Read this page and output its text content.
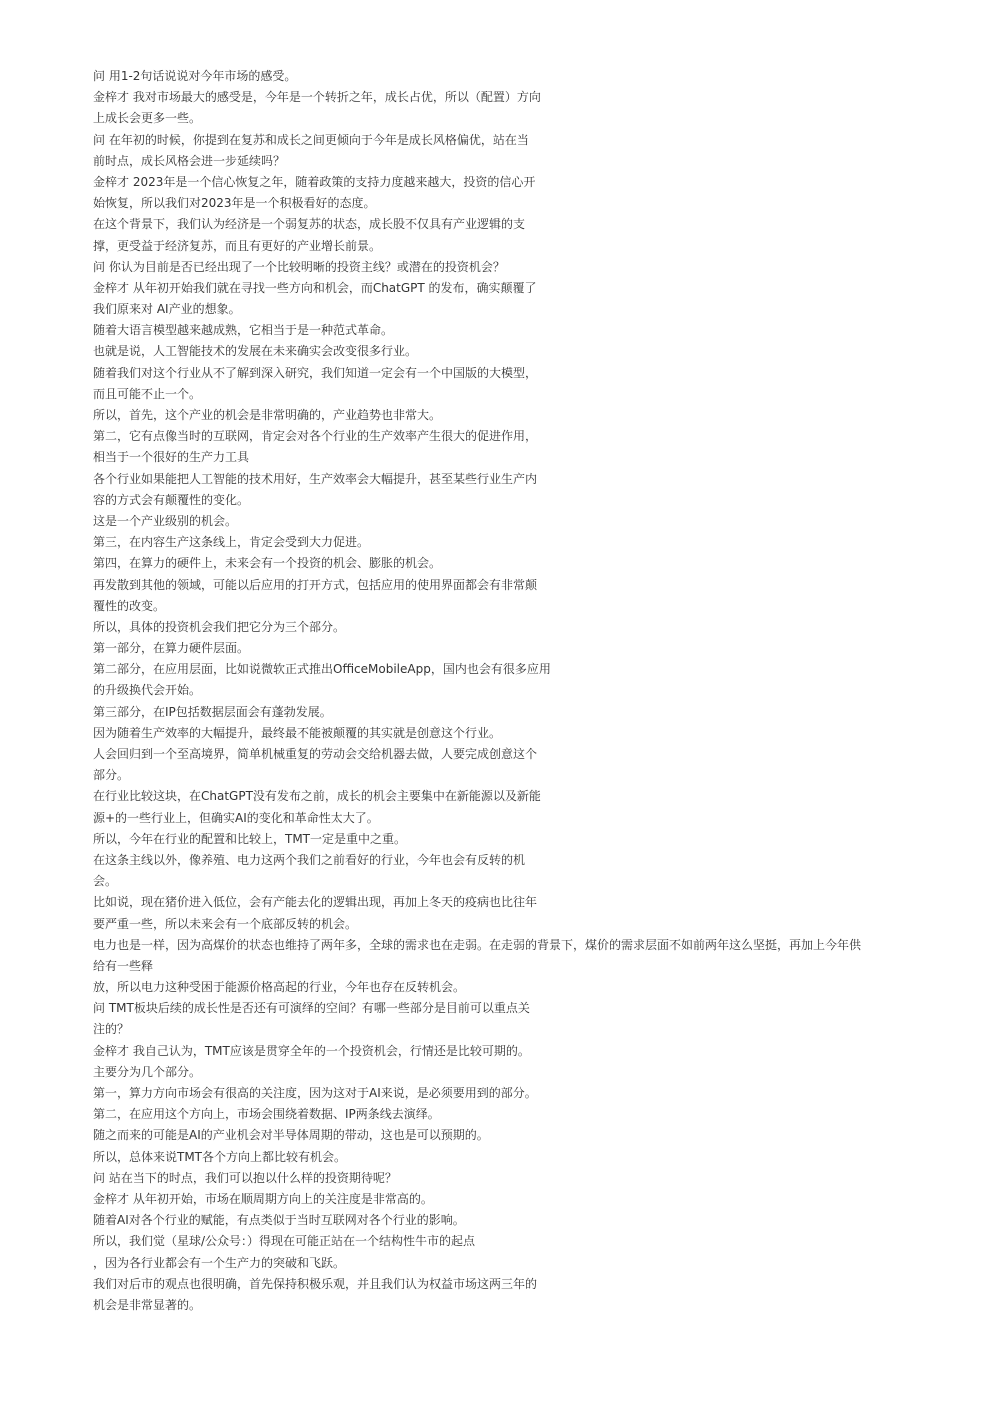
问 用1-2句话说说对今年市场的感受。
金梓才 我对市场最大的感受是，今年是一个转折之年，成长占优，所以（配置）方向
上成长会更多一些。
问 在年初的时候，你提到在复苏和成长之间更倾向于今年是成长风格偏优，站在当
前时点，成长风格会进一步延续吗？
金梓才 2023年是一个信心恢复之年，随着政策的支持力度越来越大，投资的信心开
始恢复，所以我们对2023年是一个积极看好的态度。
在这个背景下，我们认为经济是一个弱复苏的状态，成长股不仅具有产业逻辑的支
撑，更受益于经济复苏，而且有更好的产业增长前景。
问 你认为目前是否已经出现了一个比较明晰的投资主线？或潜在的投资机会？
金梓才 从年初开始我们就在寻找一些方向和机会，而ChatGPT 的发布，确实颠覆了
我们原来对 AI产业的想象。
随着大语言模型越来越成熟，它相当于是一种范式革命。
也就是说，人工智能技术的发展在未来确实会改变很多行业。
随着我们对这个行业从不了解到深入研究，我们知道一定会有一个中国版的大模型，
而且可能不止一个。
所以，首先，这个产业的机会是非常明确的，产业趋势也非常大。
第二，它有点像当时的互联网，肯定会对各个行业的生产效率产生很大的促进作用，
相当于一个很好的生产力工具
各个行业如果能把人工智能的技术用好，生产效率会大幅提升，甚至某些行业生产内
容的方式会有颠覆性的变化。
这是一个产业级别的机会。
第三，在内容生产这条线上，肯定会受到大力促进。
第四，在算力的硬件上，未来会有一个投资的机会、膨胀的机会。
再发散到其他的领域，可能以后应用的打开方式，包括应用的使用界面都会有非常颠
覆性的改变。
所以，具体的投资机会我们把它分为三个部分。
第一部分，在算力硬件层面。
第二部分，在应用层面，比如说微软正式推出OfficeMobileApp，国内也会有很多应用
的升级换代会开始。
第三部分，在IP包括数据层面会有蓬勃发展。
因为随着生产效率的大幅提升，最终最不能被颠覆的其实就是创意这个行业。
人会回归到一个至高境界，简单机械重复的劳动会交给机器去做，人要完成创意这个
部分。
在行业比较这块，在ChatGPT没有发布之前，成长的机会主要集中在新能源以及新能
源+的一些行业上，但确实AI的变化和革命性太大了。
所以，今年在行业的配置和比较上，TMT一定是重中之重。
在这条主线以外，像养殖、电力这两个我们之前看好的行业，今年也会有反转的机
会。
比如说，现在猪价进入低位，会有产能去化的逻辑出现，再加上冬天的疫病也比往年
要严重一些，所以未来会有一个底部反转的机会。
电力也是一样，因为高煤价的状态也维持了两年多，全球的需求也在走弱。在走弱的背景下，煤价的需求层面不如前两年这么坚挺，再加上今年供
给有一些释
放，所以电力这种受困于能源价格高起的行业，今年也存在反转机会。
问 TMT板块后续的成长性是否还有可演绎的空间？有哪一些部分是目前可以重点关
注的？
金梓才 我自己认为，TMT应该是贯穿全年的一个投资机会，行情还是比较可期的。
主要分为几个部分。
第一，算力方向市场会有很高的关注度，因为这对于AI来说，是必须要用到的部分。
第二，在应用这个方向上，市场会围绕着数据、IP两条线去演绎。
随之而来的可能是AI的产业机会对半导体周期的带动，这也是可以预期的。
所以，总体来说TMT各个方向上都比较有机会。
问 站在当下的时点，我们可以抱以什么样的投资期待呢？
金梓才 从年初开始，市场在顺周期方向上的关注度是非常高的。
随着AI对各个行业的赋能，有点类似于当时互联网对各个行业的影响。
所以，我们觉（星球/公众号：）得现在可能正站在一个结构性牛市的起点
，因为各行业都会有一个生产力的突破和飞跃。
我们对后市的观点也很明确，首先保持积极乐观，并且我们认为权益市场这两三年的
机会是非常显著的。
